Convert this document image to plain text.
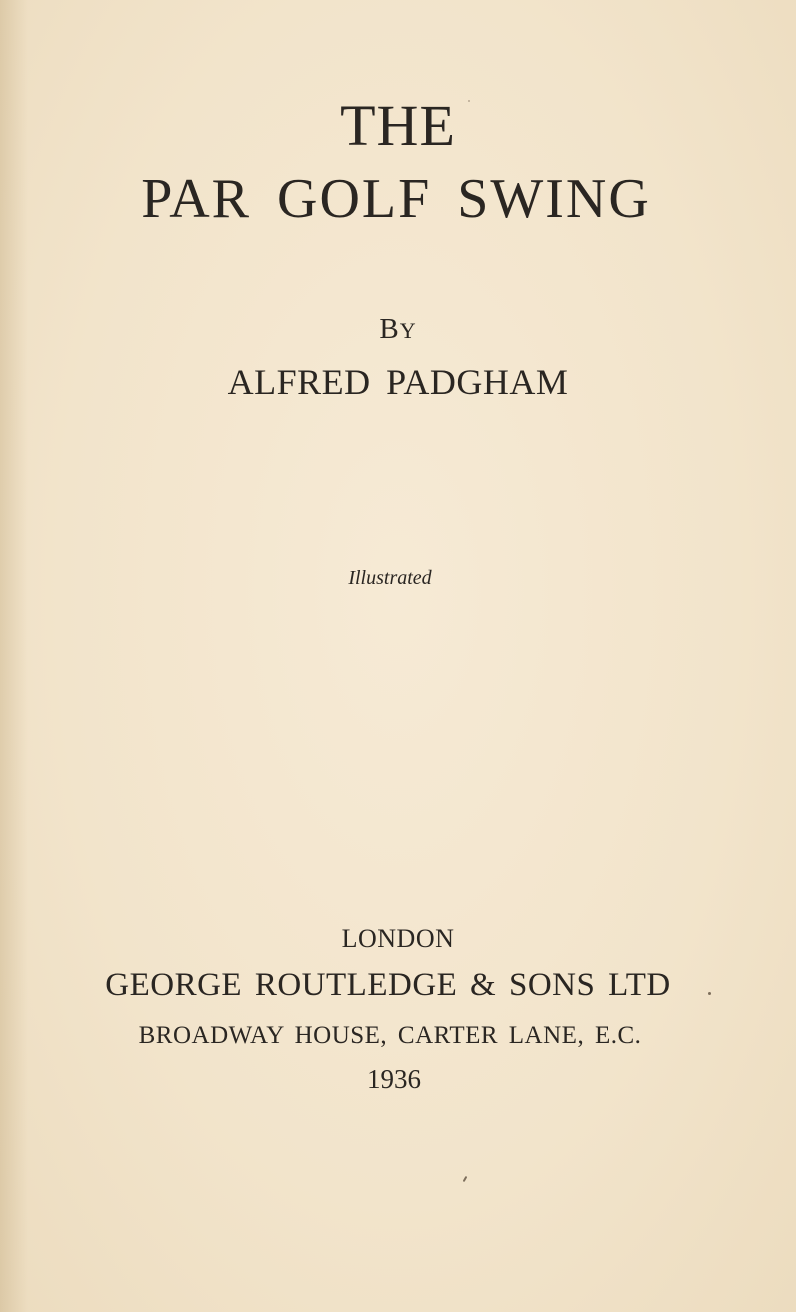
THE
PAR GOLF SWING
BY
ALFRED PADGHAM
Illustrated
LONDON
GEORGE ROUTLEDGE & SONS LTD
BROADWAY HOUSE, CARTER LANE, E.C.
1936
